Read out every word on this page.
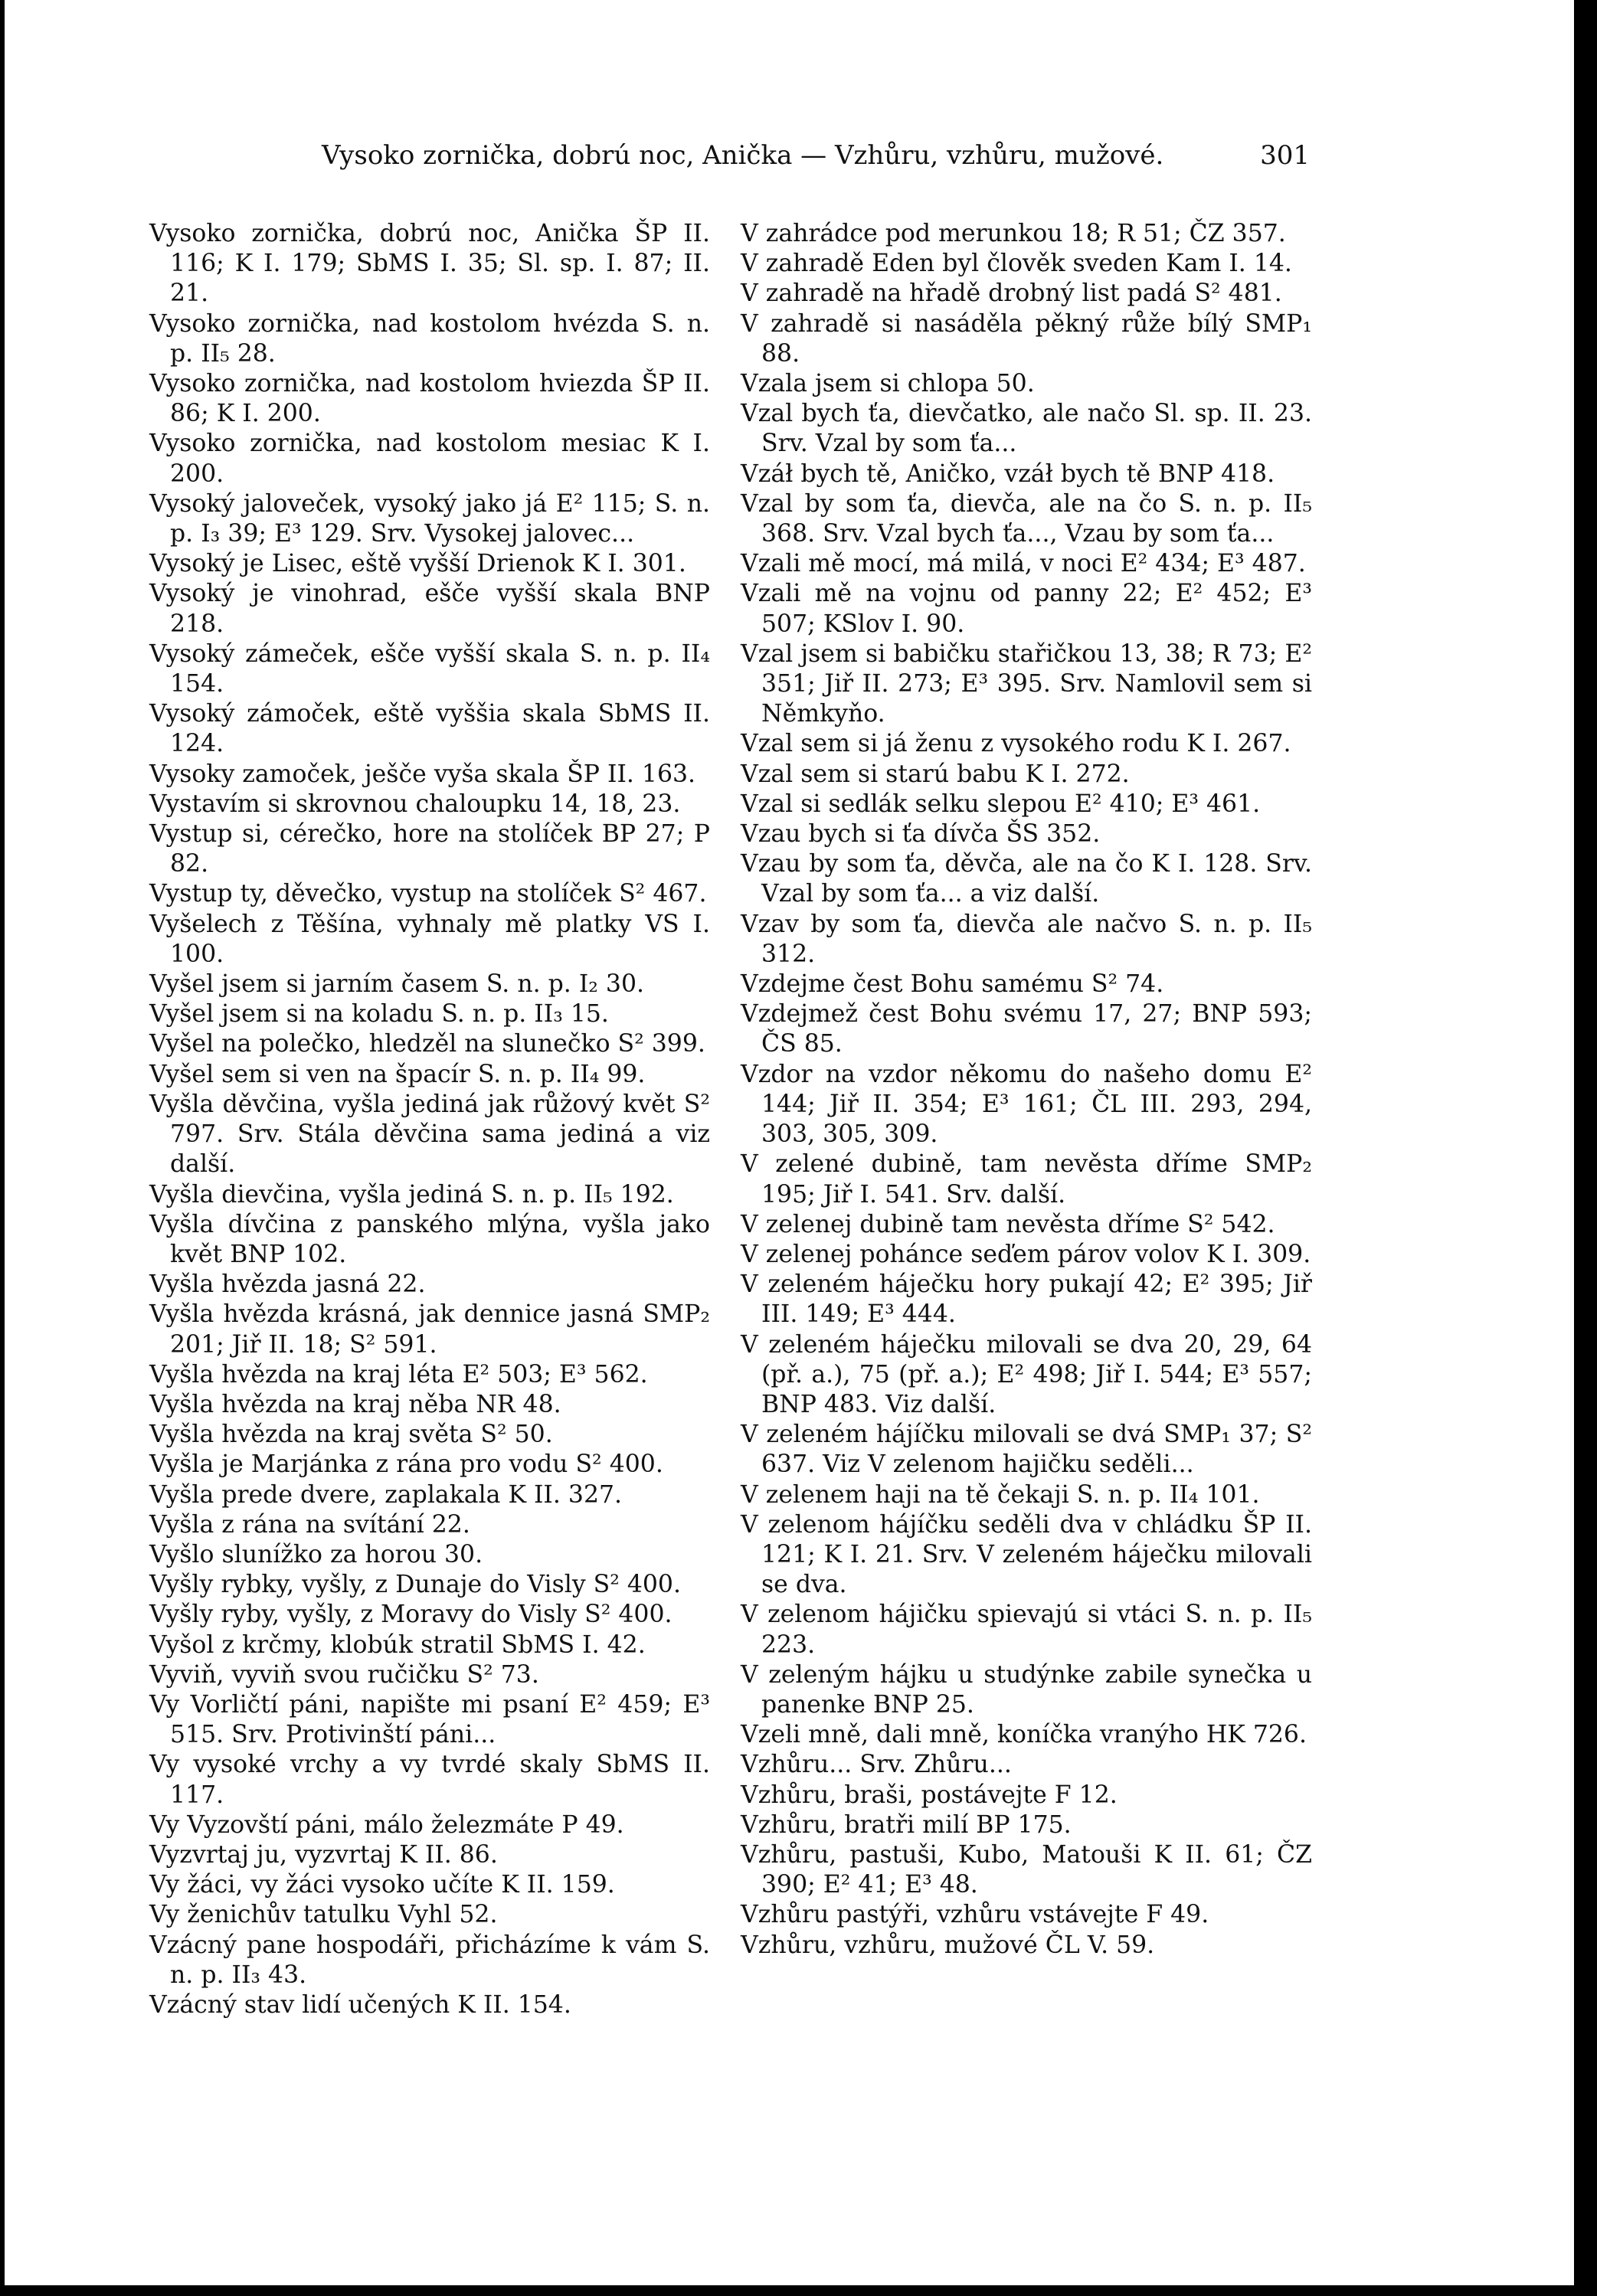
Vysoko zornička, dobrú noc, Anička — Vzhůru, vzhůru, mužové.	301

Vysoko zornička, dobrú noc, Anička ŠP II. 116; K I. 179; SbMS I. 35; Sl. sp. I. 87; II. 21.

Vysoko zornička, nad kostolom hvézda S. n. p. II₅ 28.

Vysoko zornička, nad kostolom hviezda ŠP II. 86; K I. 200.

Vysoko zornička, nad kostolom mesiac K I. 200.

Vysoký jaloveček, vysoký jako já E² 115; S. n. p. I₃ 39; E³ 129. Srv. Vysokej jalovec...

Vysoký je Lisec, eště vyšší Drienok K I. 301.

Vysoký je vinohrad, ešče vyšší skala BNP 218.

Vysoký zámeček, ešče vyšší skala S. n. p. II₄ 154.

Vysoký zámoček, eště vyššia skala SbMS II. 124.

Vysoky zamoček, ješče vyša skala ŠP II. 163.

Vystavím si skrovnou chaloupku 14, 18, 23.

Vystup si, cérečko, hore na stolíček BP 27; P 82.

Vystup ty, děvečko, vystup na stolíček S² 467.

Vyšelech z Těšína, vyhnaly mě platky VS I. 100.

Vyšel jsem si jarním časem S. n. p. I₂ 30.

Vyšel jsem si na koladu S. n. p. II₃ 15.

Vyšel na polečko, hledzěl na slunečko S² 399.

Vyšel sem si ven na špacír S. n. p. II₄ 99.

Vyšla děvčina, vyšla jediná jak růžový květ S² 797. Srv. Stála děvčina sama jediná a viz další.

Vyšla dievčina, vyšla jediná S. n. p. II₅ 192.

Vyšla dívčina z panského mlýna, vyšla jako květ BNP 102.

Vyšla hvězda jasná 22.

Vyšla hvězda krásná, jak dennice jasná SMP₂ 201; Jiř II. 18; S² 591.

Vyšla hvězda na kraj léta E² 503; E³ 562.

Vyšla hvězda na kraj něba NR 48.

Vyšla hvězda na kraj světa S² 50.

Vyšla je Marjánka z rána pro vodu S² 400.

Vyšla prede dvere, zaplakala K II. 327.

Vyšla z rána na svítání 22.

Vyšlo slunížko za horou 30.

Vyšly rybky, vyšly, z Dunaje do Visly S² 400.

Vyšly ryby, vyšly, z Moravy do Visly S² 400.

Vyšol z krčmy, klobúk stratil SbMS I. 42.

Vyviň, vyviň svou ručičku S² 73.

Vy Vorličtí páni, napište mi psaní E² 459; E³ 515. Srv. Protivinští páni...

Vy vysoké vrchy a vy tvrdé skaly SbMS II. 117.

Vy Vyzovští páni, málo železmáte P 49.

Vyzvrtaj ju, vyzvrtaj K II. 86.

Vy žáci, vy žáci vysoko učíte K II. 159.

Vy ženichův tatulku Vyhl 52.

Vzácný pane hospodáři, přicházíme k vám S. n. p. II₃ 43.

Vzácný stav lidí učených K II. 154.

V zahrádce pod merunkou 18; R 51; ČZ 357.

V zahradě Eden byl člověk sveden Kam I. 14.

V zahradě na hřadě drobný list padá S² 481.

V zahradě si nasáděla pěkný růže bílý SMP₁ 88.

Vzala jsem si chlopa 50.

Vzal bych ťa, dievčatko, ale načo Sl. sp. II. 23. Srv. Vzal by som ťa...

Vzáł bych tě, Aničko, vzáł bych tě BNP 418.

Vzal by som ťa, dievča, ale na čo S. n. p. II₅ 368. Srv. Vzal bych ťa..., Vzau by som ťa...

Vzali mě mocí, má milá, v noci E² 434; E³ 487.

Vzali mě na vojnu od panny 22; E² 452; E³ 507; KSlov I. 90.

Vzal jsem si babičku stařičkou 13, 38; R 73; E² 351; Jiř II. 273; E³ 395. Srv. Namlovil sem si Němkyňo.

Vzal sem si já ženu z vysokého rodu K I. 267.

Vzal sem si starú babu K I. 272.

Vzal si sedlák selku slepou E² 410; E³ 461.

Vzau bych si ťa dívča ŠS 352.

Vzau by som ťa, děvča, ale na čo K I. 128. Srv. Vzal by som ťa... a viz další.

Vzav by som ťa, dievča ale načvo S. n. p. II₅ 312.

Vzdejme čest Bohu samému S² 74.

Vzdejmež čest Bohu svému 17, 27; BNP 593; ČS 85.

Vzdor na vzdor někomu do našeho domu E² 144; Jiř II. 354; E³ 161; ČL III. 293, 294, 303, 305, 309.

V zelené dubině, tam nevěsta dříme SMP₂ 195; Jiř I. 541. Srv. další.

V zelenej dubině tam nevěsta dříme S² 542.

V zelenej pohánce seďem párov volov K I. 309.

V zeleném háječku hory pukají 42; E² 395; Jiř III. 149; E³ 444.

V zeleném háječku milovali se dva 20, 29, 64 (př. a.), 75 (př. a.); E² 498; Jiř I. 544; E³ 557; BNP 483. Viz další.

V zeleném hájíčku milovali se dvá SMP₁ 37; S² 637. Viz V zelenom hajičku seděli...

V zelenem haji na tě čekaji S. n. p. II₄ 101.

V zelenom hájíčku seděli dva v chládku ŠP II. 121; K I. 21. Srv. V zeleném háječku milovali se dva.

V zelenom hájičku spievajú si vtáci S. n. p. II₅ 223.

V zeleným hájku u studýnke zabile synečka u panenke BNP 25.

Vzeli mně, dali mně, koníčka vranýho HK 726.

Vzhůru... Srv. Zhůru...

Vzhůru, braši, postávejte F 12.

Vzhůru, bratři milí BP 175.

Vzhůru, pastuši, Kubo, Matouši K II. 61; ČZ 390; E² 41; E³ 48.

Vzhůru pastýři, vzhůru vstávejte F 49.

Vzhůru, vzhůru, mužové ČL V. 59.
